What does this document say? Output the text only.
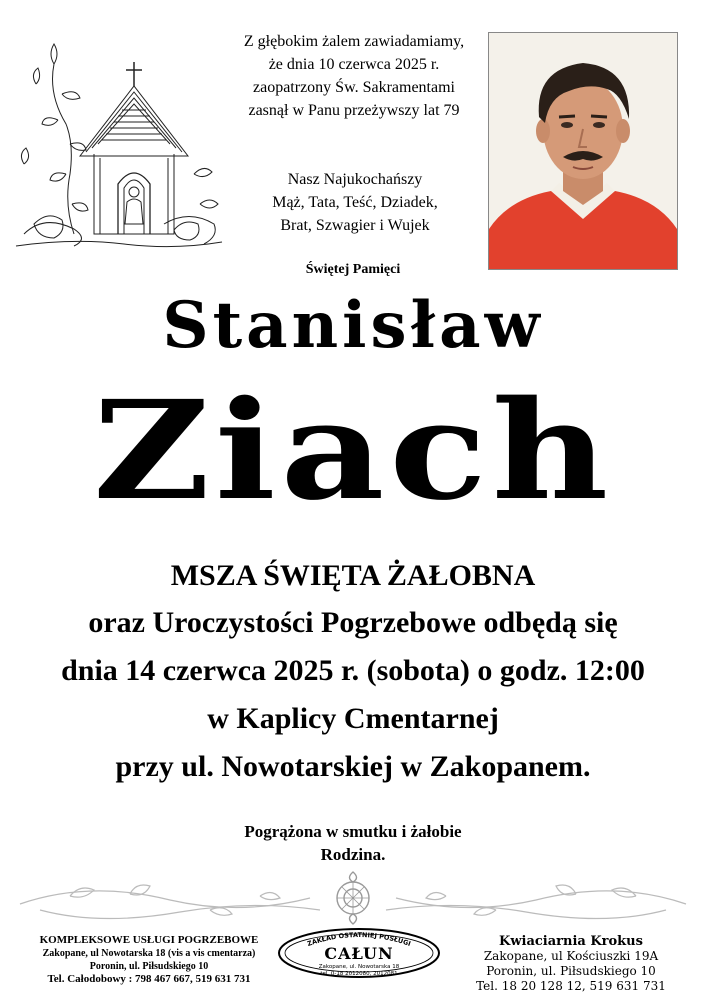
Z głębokim żalem zawiadamiamy,
że dnia 10 czerwca 2025 r.
zaopatrzony Św. Sakramentami
zasnął w Panu przeżywszy lat 79
Nasz Najukochańszy
Mąż, Tata, Teść, Dziadek,
Brat, Szwagier i Wujek
Świętej Pamięci
Stanisław
Ziach
MSZA ŚWIĘTA ŻAŁOBNA
oraz Uroczystości Pogrzebowe odbędą się
dnia 14 czerwca 2025 r. (sobota) o godz. 12:00
w Kaplicy Cmentarnej
przy ul. Nowotarskiej w Zakopanem.
Pogrążona w smutku i żałobie
Rodzina.
KOMPLEKSOWE USŁUGI POGRZEBOWE
Zakopane, ul Nowotarska 18 (vis a vis cmentarza)
Poronin, ul. Piłsudskiego 10
Tel. Całodobowy : 798 467 667, 519 631 731
ZAKŁAD OSTATNIEJ POSŁUGI
CAŁUN
Zakopane, ul. Nowotarska 18
tel. 0-18 2012080, 2012081
Kwiaciarnia Krokus
Zakopane, ul Kościuszki 19A
Poronin, ul. Piłsudskiego 10
Tel. 18 20 128 12, 519 631 731
